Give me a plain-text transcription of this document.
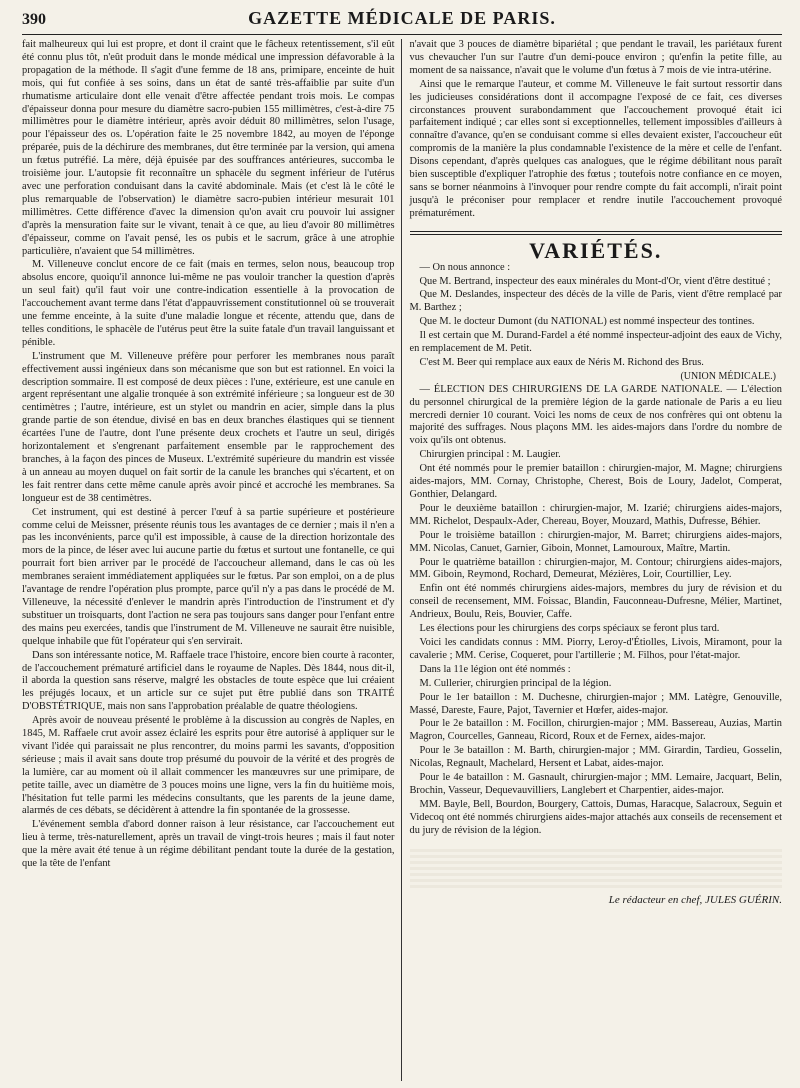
390	GAZETTE MÉDICALE DE PARIS.

fait malheureux qui lui est propre, et dont il craint que le fâcheux retentissement, s'il eût été connu plus tôt, n'eût produit dans le monde médical une impression défavorable à la propagation de la méthode. Il s'agit d'une femme de 18 ans, primipare, enceinte de huit mois, qui fut confiée à ses soins, dans un état de santé très-affaiblie par suite d'un rhumatisme articulaire dont elle venait d'être affectée pendant trois mois. Le compas d'épaisseur donna pour mesure du diamètre sacro-pubien 155 millimètres, c'est-à-dire 75 millimètres pour le diamètre intérieur, après avoir déduit 80 millimètres, selon l'usage, pour l'épaisseur des os. L'opération faite le 25 novembre 1842, au moyen de l'éponge préparée, puis de la déchirure des membranes, dut être terminée par la version, qui amena un fœtus putréfié. La mère, déjà épuisée par des souffrances antérieures, succomba le troisième jour. L'autopsie fit reconnaître un sphacèle du segment inférieur de l'utérus avec une perforation conduisant dans la cavité abdominale. Mais (et c'est là le côté le plus remarquable de l'observation) le diamètre sacro-pubien intérieur mesurait 101 millimètres. Cette différence d'avec la dimension qu'on avait cru pouvoir lui assigner d'après la mensuration faite sur le vivant, tenait à ce que, au lieu d'avoir 80 millimètres d'épaisseur, comme on l'avait pensé, les os pubis et le sacrum, grâce à une atrophie particulière, n'avaient que 54 millimètres.

M. Villeneuve conclut encore de ce fait (mais en termes, selon nous, beaucoup trop absolus encore, quoiqu'il annonce lui-même ne pas vouloir trancher la question d'après un seul fait) qu'il faut voir une contre-indication essentielle à la provocation de l'accouchement avant terme dans l'état d'appauvrissement constitutionnel où se trouverait une femme enceinte, à la suite d'une maladie longue et récente, attendu que, dans de telles conditions, le sphacèle de l'utérus peut être la suite fatale d'un travail languissant et pénible.

L'instrument que M. Villeneuve préfère pour perforer les membranes nous paraît effectivement aussi ingénieux dans son mécanisme que son but est rationnel. En voici la description sommaire. Il est composé de deux pièces : l'une, extérieure, est une canule en argent représentant une algalie tronquée à son extrémité inférieure ; sa longueur est de 30 centimètres ; l'autre, intérieure, est un stylet ou mandrin en acier, simple dans la plus grande partie de son étendue, divisé en bas en deux branches élastiques qui se tiennent écartées l'une de l'autre, dont l'une présente deux crochets et l'autre un seul, dirigés horizontalement et s'engrenant parfaitement ensemble par le rapprochement des branches, à la façon des pinces de Museux. L'extrémité supérieure du mandrin est vissée à un anneau au moyen duquel on fait sortir de la canule les branches qui s'écartent, et on les fait rentrer dans cette même canule après avoir pincé et accroché les membranes. Sa longueur est de 38 centimètres.

Cet instrument, qui est destiné à percer l'œuf à sa partie supérieure et postérieure comme celui de Meissner, présente réunis tous les avantages de ce dernier ; mais il n'en a pas les inconvénients, parce qu'il est impossible, à cause de la direction horizontale des mors de la pince, de léser avec lui aucune partie du fœtus et surtout une fontanelle, ce qui pourrait fort bien arriver par le procédé de l'accoucheur allemand, dans le cas où les membranes seraient immédiatement appliquées sur le fœtus. Par son emploi, on a de plus l'avantage de rendre l'opération plus prompte, parce qu'il n'y a pas dans le procédé de M. Villeneuve, la nécessité d'enlever le mandrin après l'introduction de l'instrument et d'y substituer un troisquarts, dont l'action ne sera pas toujours sans danger pour l'enfant entre des mains peu exercées, tandis que l'instrument de M. Villeneuve ne saurait être nuisible, quelque inhabile que fût l'opérateur qui s'en servirait.

Dans son intéressante notice, M. Raffaele trace l'histoire, encore bien courte à raconter, de l'accouchement prématuré artificiel dans le royaume de Naples. Dès 1844, nous dit-il, il aborda la question sans réserve, malgré les obstacles de toute espèce que lui créaient les préjugés locaux, et un article sur ce sujet put être publié dans son TRAITÉ D'OBSTÉTRIQUE, mais non sans l'approbation préalable de quatre théologiens.

Après avoir de nouveau présenté le problème à la discussion au congrès de Naples, en 1845, M. Raffaele crut avoir assez éclairé les esprits pour être autorisé à appliquer sur le vivant l'idée qui paraissait ne plus rencontrer, du moins parmi les savants, d'opposition sérieuse ; mais il avait sans doute trop présumé du pouvoir de la vérité et des progrès de la lumière, car au moment où il allait commencer les manœuvres sur une primipare, de petite taille, avec un diamètre de 3 pouces moins une ligne, vers la fin du huitième mois, l'hésitation fut telle parmi les médecins consultants, que les parents de la jeune dame, alarmés de ces débats, se décidèrent à attendre la fin spontanée de la grossesse.

L'événement sembla d'abord donner raison à leur résistance, car l'accouchement eut lieu à terme, très-naturellement, après un travail de vingt-trois heures ; mais il faut noter que la mère avait été tenue à un régime débilitant pendant toute la durée de la gestation, que la tête de l'enfant

n'avait que 3 pouces de diamètre bipariétal ; que pendant le travail, les pariétaux furent vus chevaucher l'un sur l'autre d'un demi-pouce environ ; qu'enfin la petite fille, au moment de sa naissance, n'avait que le volume d'un fœtus à 7 mois de vie intra-utérine.

Ainsi que le remarque l'auteur, et comme M. Villeneuve le fait surtout ressortir dans les judicieuses considérations dont il accompagne l'exposé de ce fait, ces diverses circonstances prouvent surabondamment que l'accouchement provoqué était ici parfaitement indiqué ; car elles sont si exceptionnelles, tellement impossibles d'ailleurs à connaître d'avance, qu'en se conduisant comme si elles devaient exister, l'accoucheur eût compromis de la manière la plus condamnable l'existence de la mère et celle de l'enfant. Disons cependant, d'après quelques cas analogues, que le régime débilitant nous paraît bien susceptible d'expliquer l'atrophie des fœtus ; toutefois notre confiance en ce moyen, sans se borner néanmoins à l'invoquer pour rendre compte du fait accompli, n'irait point jusqu'à le préconiser pour remplacer et rendre inutile l'accouchement provoqué prématurément.

VARIÉTÉS.

— On nous annonce :

Que M. Bertrand, inspecteur des eaux minérales du Mont-d'Or, vient d'être destitué ;

Que M. Deslandes, inspecteur des décès de la ville de Paris, vient d'être remplacé par M. Barthez ;

Que M. le docteur Dumont (du NATIONAL) est nommé inspecteur des tontines.

Il est certain que M. Durand-Fardel a été nommé inspecteur-adjoint des eaux de Vichy, en remplacement de M. Petit.

C'est M. Beer qui remplace aux eaux de Néris M. Richond des Brus.

(UNION MÉDICALE.)

— ÉLECTION DES CHIRURGIENS DE LA GARDE NATIONALE. — L'élection du personnel chirurgical de la première légion de la garde nationale de Paris a eu lieu mercredi dernier 10 courant. Voici les noms de ceux de nos confrères qui ont obtenu la majorité des suffrages. Nous plaçons MM. les aides-majors dans l'ordre du nombre de voix qu'ils ont obtenus.

Chirurgien principal : M. Laugier.

Ont été nommés pour le premier bataillon : chirurgien-major, M. Magne; chirurgiens aides-majors, MM. Cornay, Christophe, Cherest, Bois de Loury, Jadelot, Comperat, Gonthier, Delangard.

Pour le deuxième bataillon : chirurgien-major, M. Izarié; chirurgiens aides-majors, MM. Richelot, Despaulx-Ader, Chereau, Boyer, Mouzard, Mathis, Dufresse, Béhier.

Pour le troisième bataillon : chirurgien-major, M. Barret; chirurgiens aides-majors, MM. Nicolas, Canuet, Garnier, Giboin, Monnet, Lamouroux, Maître, Martin.

Pour le quatrième bataillon : chirurgien-major, M. Contour; chirurgiens aides-majors, MM. Giboin, Reymond, Rochard, Demeurat, Mézières, Loir, Courtillier, Ley.

Enfin ont été nommés chirurgiens aides-majors, membres du jury de révision et du conseil de recensement, MM. Foissac, Blandin, Fauconneau-Dufresne, Mélier, Martinet, Andrieux, Boulu, Reis, Bouvier, Caffe.

Les élections pour les chirurgiens des corps spéciaux se feront plus tard.

Voici les candidats connus : MM. Piorry, Leroy-d'Étiolles, Livois, Miramont, pour la cavalerie ; MM. Cerise, Coqueret, pour l'artillerie ; M. Filhos, pour l'état-major.

Dans la 11e légion ont été nommés :

M. Cullerier, chirurgien principal de la légion.

Pour le 1er bataillon : M. Duchesne, chirurgien-major ; MM. Latègre, Genouville, Massé, Dareste, Faure, Pajot, Tavernier et Hœfer, aides-major.

Pour le 2e bataillon : M. Focillon, chirurgien-major ; MM. Bassereau, Auzias, Martin Magron, Courcelles, Ganneau, Ricord, Roux et de Fernex, aides-major.

Pour le 3e bataillon : M. Barth, chirurgien-major ; MM. Girardin, Tardieu, Gosselin, Nicolas, Regnault, Machelard, Hersent et Labat, aides-major.

Pour le 4e bataillon : M. Gasnault, chirurgien-major ; MM. Lemaire, Jacquart, Belin, Brochin, Vasseur, Dequevauvilliers, Langlebert et Charpentier, aides-major.

MM. Bayle, Bell, Bourdon, Bourgery, Cattois, Dumas, Haracque, Salacroux, Seguin et Videcoq ont été nommés chirurgiens aides-major attachés aux conseils de recensement et du jury de révision de la légion.

Le rédacteur en chef, JULES GUÉRIN.
